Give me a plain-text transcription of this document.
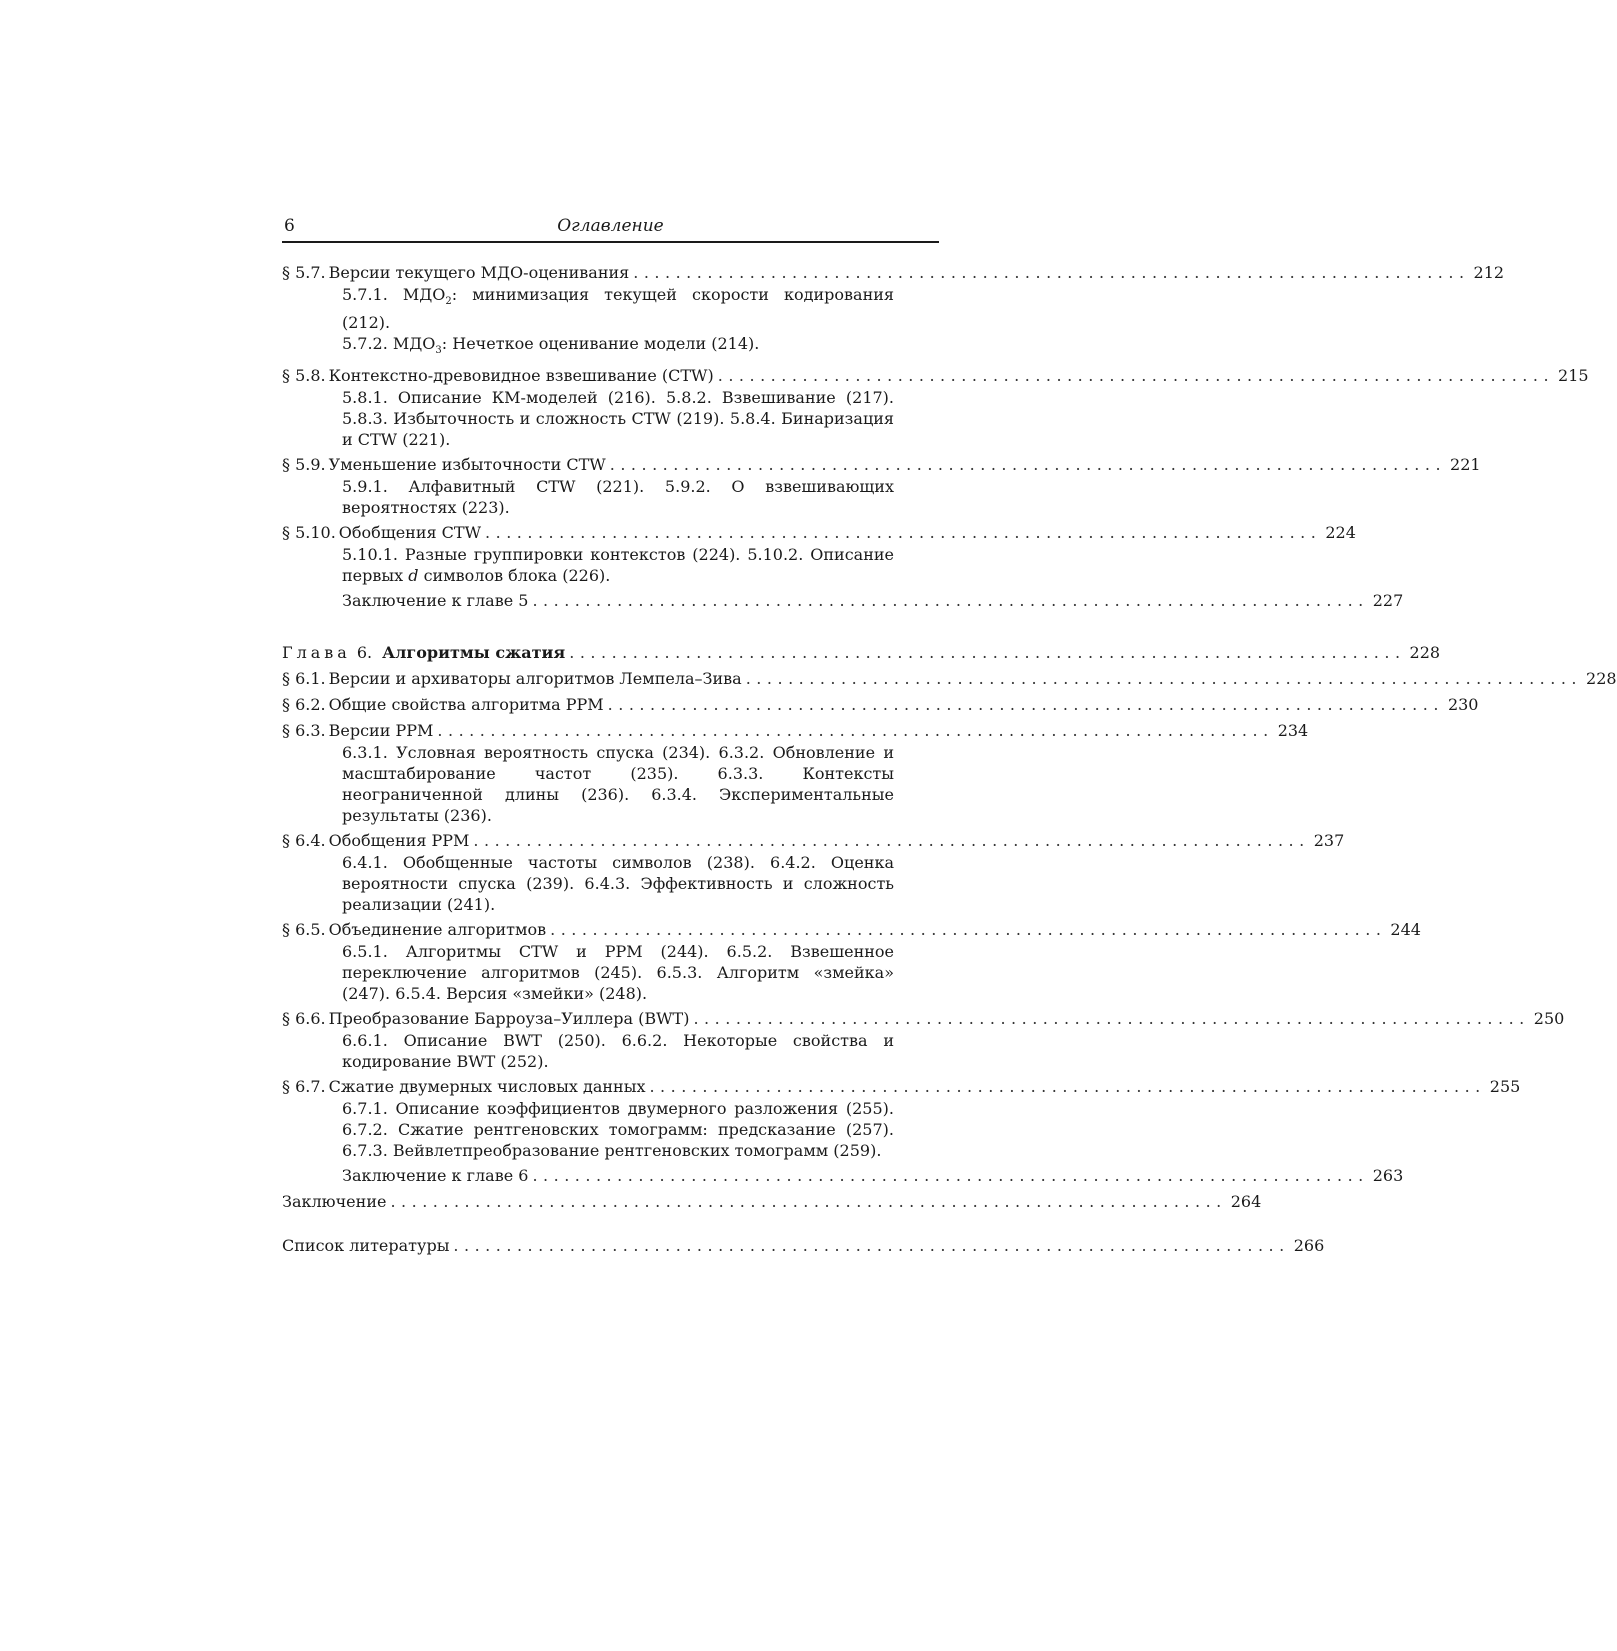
6	Оглавление
§ 5.7. Версии текущего МДО-оценивания ............................................................................... 212
5.7.1. $МДО_2$: минимизация текущей скорости кодирования (212).
5.7.2. $МДО_3$: Нечеткое оценивание модели (214).
§ 5.8. Контекстно-древовидное взвешивание (CTW) ............................................................................... 215
5.8.1. Описание КМ-моделей (216). 5.8.2. Взвешивание (217). 5.8.3. Избыточность и сложность CTW (219). 5.8.4. Бинаризация и CTW (221).
§ 5.9. Уменьшение избыточности CTW ............................................................................... 221
5.9.1. Алфавитный CTW (221). 5.9.2. О взвешивающих вероятностях (223).
§ 5.10. Обобщения CTW ............................................................................... 224
5.10.1. Разные группировки контекстов (224). 5.10.2. Описание первых d символов блока (226).
Заключение к главе 5 ............................................................................... 227
Глава 6. Алгоритмы сжатия ............................................................................... 228
§ 6.1. Версии и архиваторы алгоритмов Лемпела–Зива ............................................................................... 228
§ 6.2. Общие свойства алгоритма PPM ............................................................................... 230
§ 6.3. Версии PPM ............................................................................... 234
6.3.1. Условная вероятность спуска (234). 6.3.2. Обновление и масштабирование частот (235). 6.3.3. Контексты неограниченной длины (236). 6.3.4. Экспериментальные результаты (236).
§ 6.4. Обобщения PPM ............................................................................... 237
6.4.1. Обобщенные частоты символов (238). 6.4.2. Оценка вероятности спуска (239). 6.4.3. Эффективность и сложность реализации (241).
§ 6.5. Объединение алгоритмов ............................................................................... 244
6.5.1. Алгоритмы CTW и PPM (244). 6.5.2. Взвешенное переключение алгоритмов (245). 6.5.3. Алгоритм «змейка» (247). 6.5.4. Версия «змейки» (248).
§ 6.6. Преобразование Барроуза–Уиллера (BWT) ............................................................................... 250
6.6.1. Описание BWT (250). 6.6.2. Некоторые свойства и кодирование BWT (252).
§ 6.7. Сжатие двумерных числовых данных ............................................................................... 255
6.7.1. Описание коэффициентов двумерного разложения (255). 6.7.2. Сжатие рентгеновских томограмм: предсказание (257). 6.7.3. Вейвлетпреобразование рентгеновских томограмм (259).
Заключение к главе 6 ............................................................................... 263
Заключение ............................................................................... 264
Список литературы ............................................................................... 266
